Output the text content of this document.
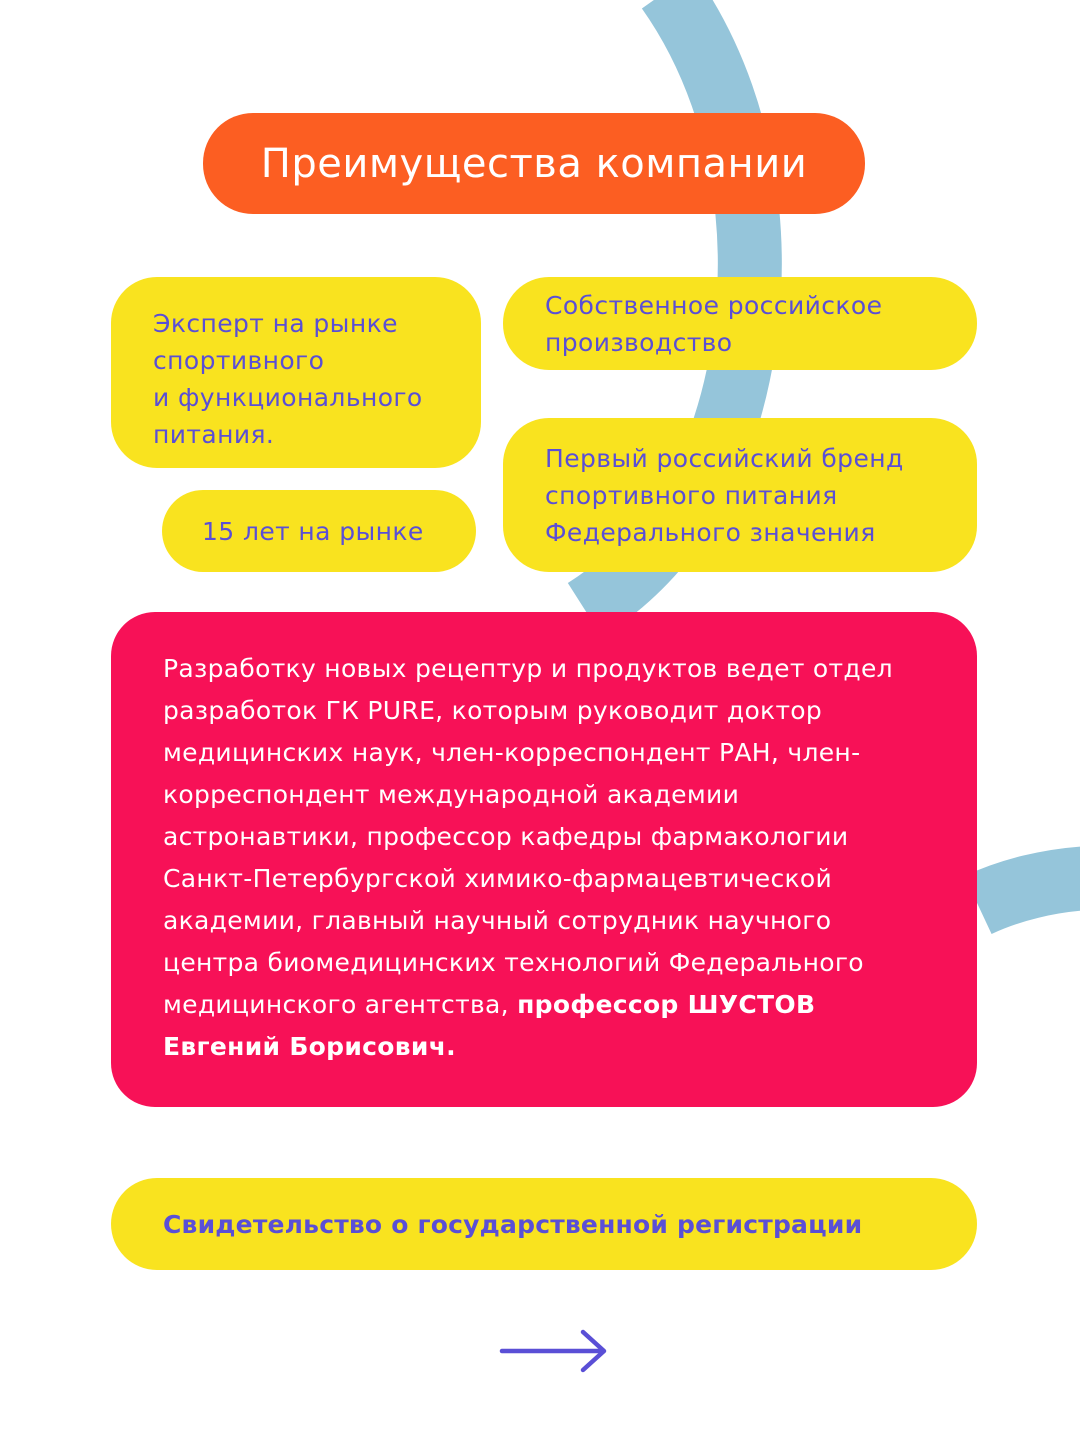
Преимущества компании
Эксперт на рынке
спортивного
и функционального
питания.
Собственное российское
производство
15 лет на рынке
Первый российский бренд
спортивного питания
Федерального значения
Разработку новых рецептур и продуктов ведет отдел
разработок ГК PURE, которым руководит доктор
медицинских наук, член-корреспондент РАН, член-
корреспондент международной академии
астронавтики, профессор кафедры фармакологии
Санкт-Петербургской химико-фармацевтической
академии, главный научный сотрудник научного
центра биомедицинских технологий Федерального
медицинского агентства, профессор ШУСТОВ
Евгений Борисович.
Свидетельство о государственной регистрации
